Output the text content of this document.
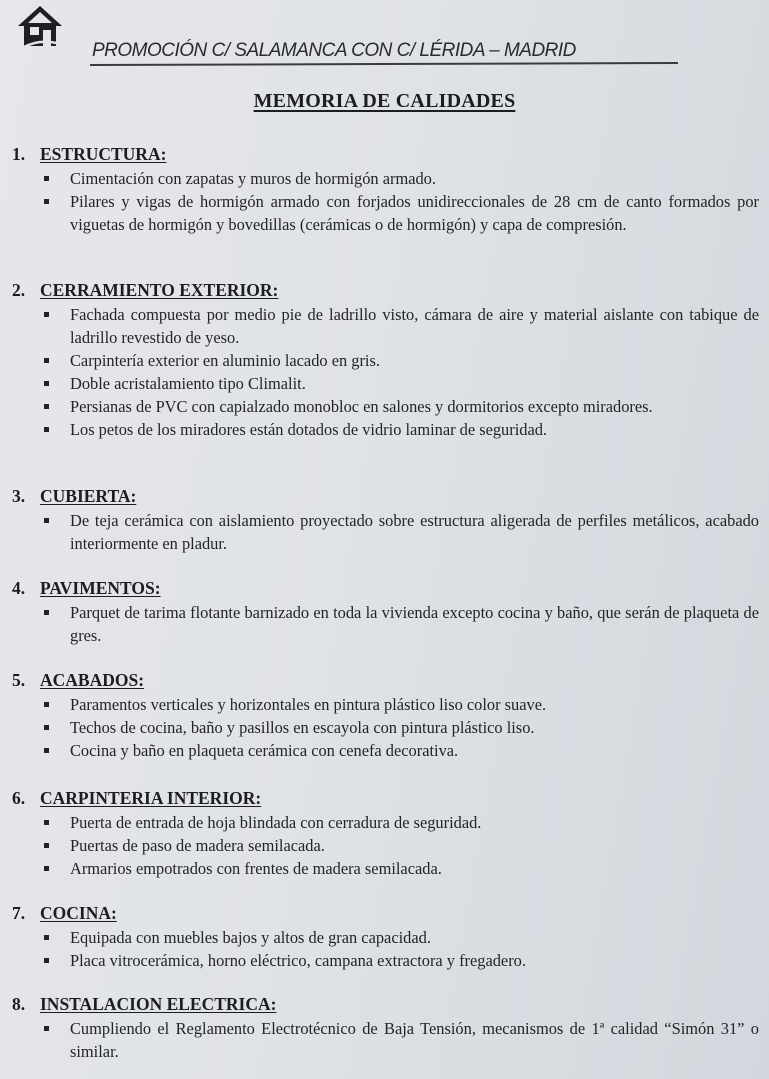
PROMOCIÓN C/ SALAMANCA CON C/ LÉRIDA – MADRID
MEMORIA DE CALIDADES
1. ESTRUCTURA:
Cimentación con zapatas y muros de hormigón armado.
Pilares y vigas de hormigón armado con forjados unidireccionales de 28 cm de canto formados por viguetas de hormigón y bovedillas (cerámicas o de hormigón) y capa de compresión.
2. CERRAMIENTO EXTERIOR:
Fachada compuesta por medio pie de ladrillo visto, cámara de aire y material aislante con tabique de ladrillo revestido de yeso.
Carpintería exterior en aluminio lacado en gris.
Doble acristalamiento tipo Climalit.
Persianas de PVC con capialzado monobloc en salones y dormitorios excepto miradores.
Los petos de los miradores están dotados de vidrio laminar de seguridad.
3. CUBIERTA:
De teja cerámica con aislamiento proyectado sobre estructura aligerada de perfiles metálicos, acabado interiormente en pladur.
4. PAVIMENTOS:
Parquet de tarima flotante barnizado en toda la vivienda excepto cocina y baño, que serán de plaqueta de gres.
5. ACABADOS:
Paramentos verticales y horizontales en pintura plástico liso color suave.
Techos de cocina, baño y pasillos en escayola con pintura plástico liso.
Cocina y baño en plaqueta cerámica con cenefa decorativa.
6. CARPINTERIA INTERIOR:
Puerta de entrada de hoja blindada con cerradura de seguridad.
Puertas de paso de madera semilacada.
Armarios empotrados con frentes de madera semilacada.
7. COCINA:
Equipada con muebles bajos y altos de gran capacidad.
Placa vitrocerámica, horno eléctrico, campana extractora y fregadero.
8. INSTALACION ELECTRICA:
Cumpliendo el Reglamento Electrotécnico de Baja Tensión, mecanismos de 1ª calidad “Simón 31” o similar.
